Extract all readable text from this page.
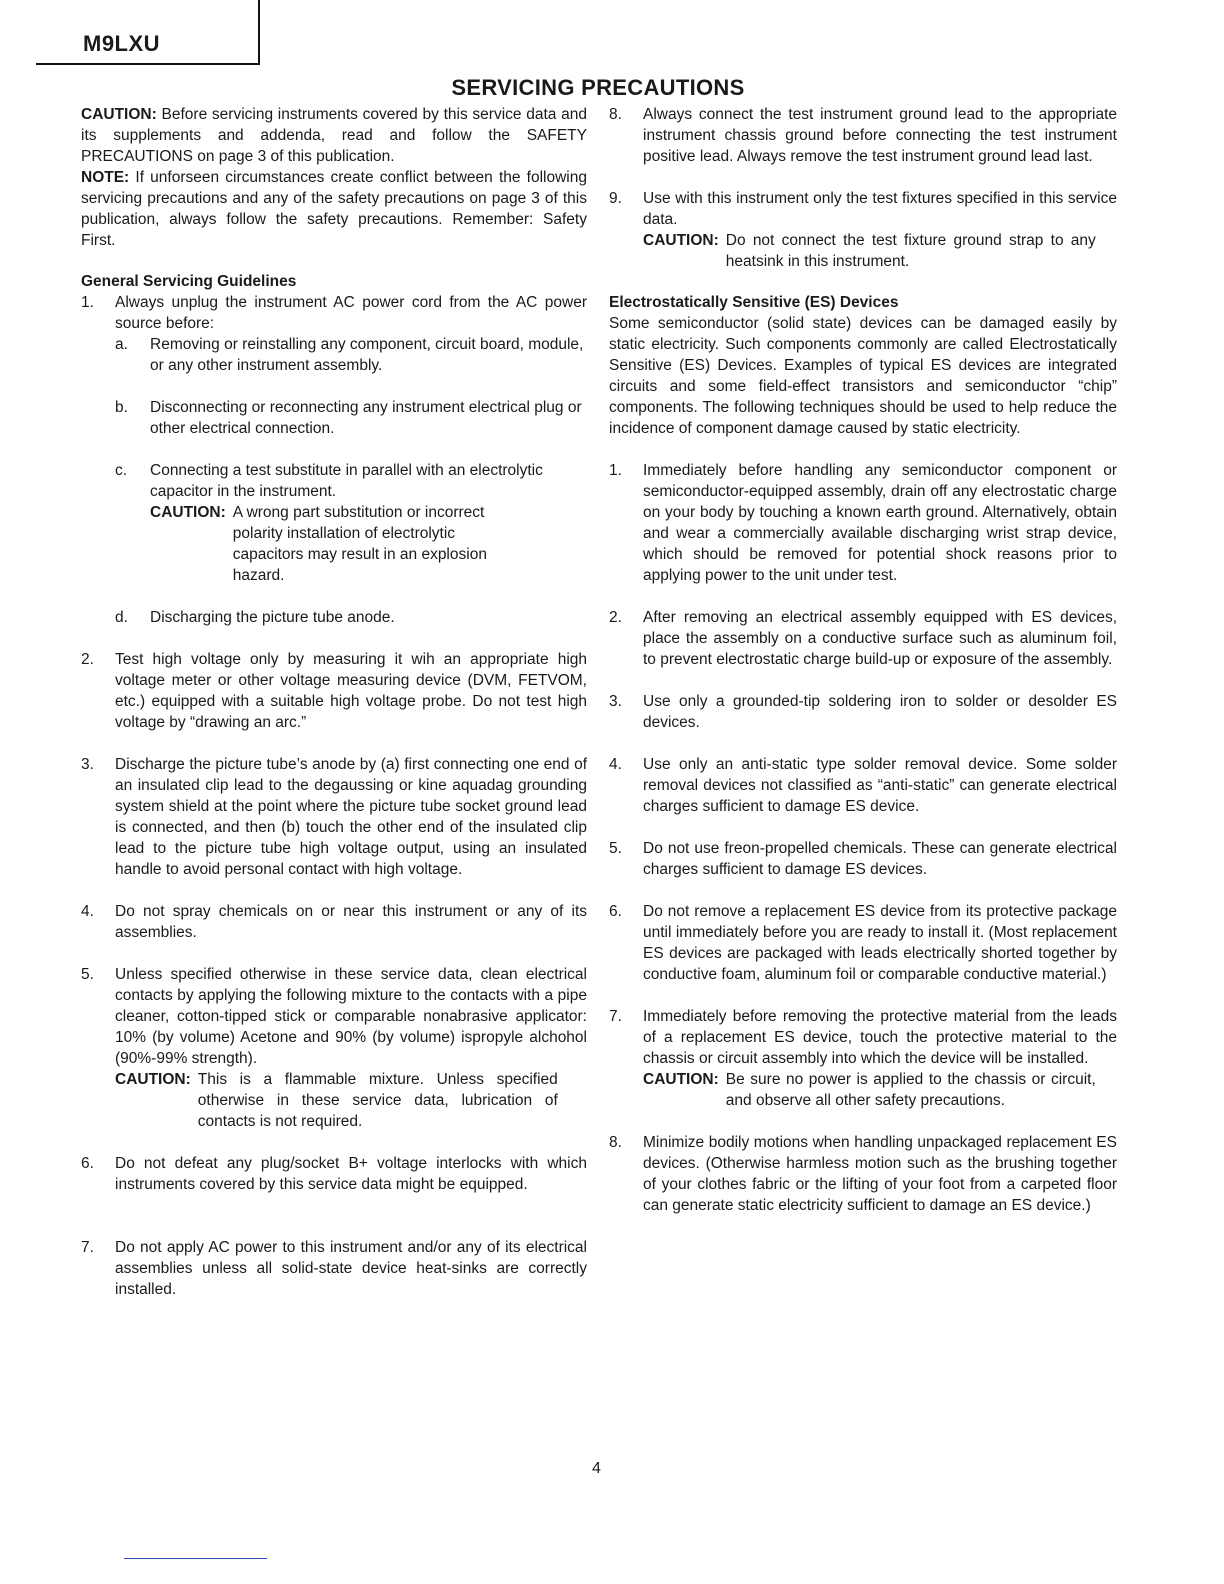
M9LXU
SERVICING PRECAUTIONS

CAUTION: Before servicing instruments covered by this service data and its supplements and addenda, read and follow the SAFETY PRECAUTIONS on page 3 of this publication.

NOTE: If unforseen circumstances create conflict between the following servicing precautions and any of the safety precautions on page 3 of this publication, always follow the safety precautions. Remember: Safety First.

General Servicing Guidelines

1. Always unplug the instrument AC power cord from the AC power source before:

a. Removing or reinstalling any component, circuit board, module, or any other instrument assembly.
b. Disconnecting or reconnecting any instrument electrical plug or other electrical connection.
c. Connecting a test substitute in parallel with an electrolytic capacitor in the instrument.
CAUTION: A wrong part substitution or incorrect polarity installation of electrolytic capacitors may result in an explosion hazard.
d. Discharging the picture tube anode.
2. Test high voltage only by measuring it wih an appropriate high voltage meter or other voltage measuring device (DVM, FETVOM, etc.) equipped with a suitable high voltage probe. Do not test high voltage by “drawing an arc.”

3. Discharge the picture tube’s anode by (a) first connecting one end of an insulated clip lead to the degaussing or kine aquadag grounding system shield at the point where the picture tube socket ground lead is connected, and then (b) touch the other end of the insulated clip lead to the picture tube high voltage output, using an insulated handle to avoid personal contact with high voltage.

4. Do not spray chemicals on or near this instrument or any of its assemblies.

5. Unless specified otherwise in these service data, clean electrical contacts by applying the following mixture to the contacts with a pipe cleaner, cotton-tipped stick or comparable nonabrasive applicator: 10% (by volume) Acetone and 90% (by volume) ispropyle alchohol (90%-99% strength).

CAUTION: This is a flammable mixture. Unless specified otherwise in these service data, lubrication of contacts is not required.
6. Do not defeat any plug/socket B+ voltage interlocks with which instruments covered by this service data might be equipped.

7. Do not apply AC power to this instrument and/or any of its electrical assemblies unless all solid-state device heat-sinks are correctly installed.

8. Always connect the test instrument ground lead to the appropriate instrument chassis ground before connecting the test instrument positive lead. Always remove the test instrument ground lead last.

9. Use with this instrument only the test fixtures specified in this service data.

CAUTION: Do not connect the test fixture ground strap to any heatsink in this instrument.

Electrostatically Sensitive (ES) Devices

Some semiconductor (solid state) devices can be damaged easily by static electricity. Such components commonly are called Electrostatically Sensitive (ES) Devices. Examples of typical ES devices are integrated circuits and some field-effect transistors and semiconductor “chip” components. The following techniques should be used to help reduce the incidence of component damage caused by static electricity.

1. Immediately before handling any semiconductor component or semiconductor-equipped assembly, drain off any electrostatic charge on your body by touching a known earth ground. Alternatively, obtain and wear a commercially available discharging wrist strap device, which should be removed for potential shock reasons prior to applying power to the unit under test.

2. After removing an electrical assembly equipped with ES devices, place the assembly on a conductive surface such as aluminum foil, to prevent electrostatic charge build-up or exposure of the assembly.

3. Use only a grounded-tip soldering iron to solder or desolder ES devices.

4. Use only an anti-static type solder removal device. Some solder removal devices not classified as “anti-static” can generate electrical charges sufficient to damage ES device.

5. Do not use freon-propelled chemicals. These can generate electrical charges sufficient to damage ES devices.

6. Do not remove a replacement ES device from its protective package until immediately before you are ready to install it. (Most replacement ES devices are packaged with leads electrically shorted together by conductive foam, aluminum foil or comparable conductive material.)

7. Immediately before removing the protective material from the leads of a replacement ES device, touch the protective material to the chassis or circuit assembly into which the device will be installed.

CAUTION: Be sure no power is applied to the chassis or circuit, and observe all other safety precautions.
8. Minimize bodily motions when handling unpackaged replacement ES devices. (Otherwise harmless motion such as the brushing together of your clothes fabric or the lifting of your foot from a carpeted floor can generate static electricity sufficient to damage an ES device.)

4
